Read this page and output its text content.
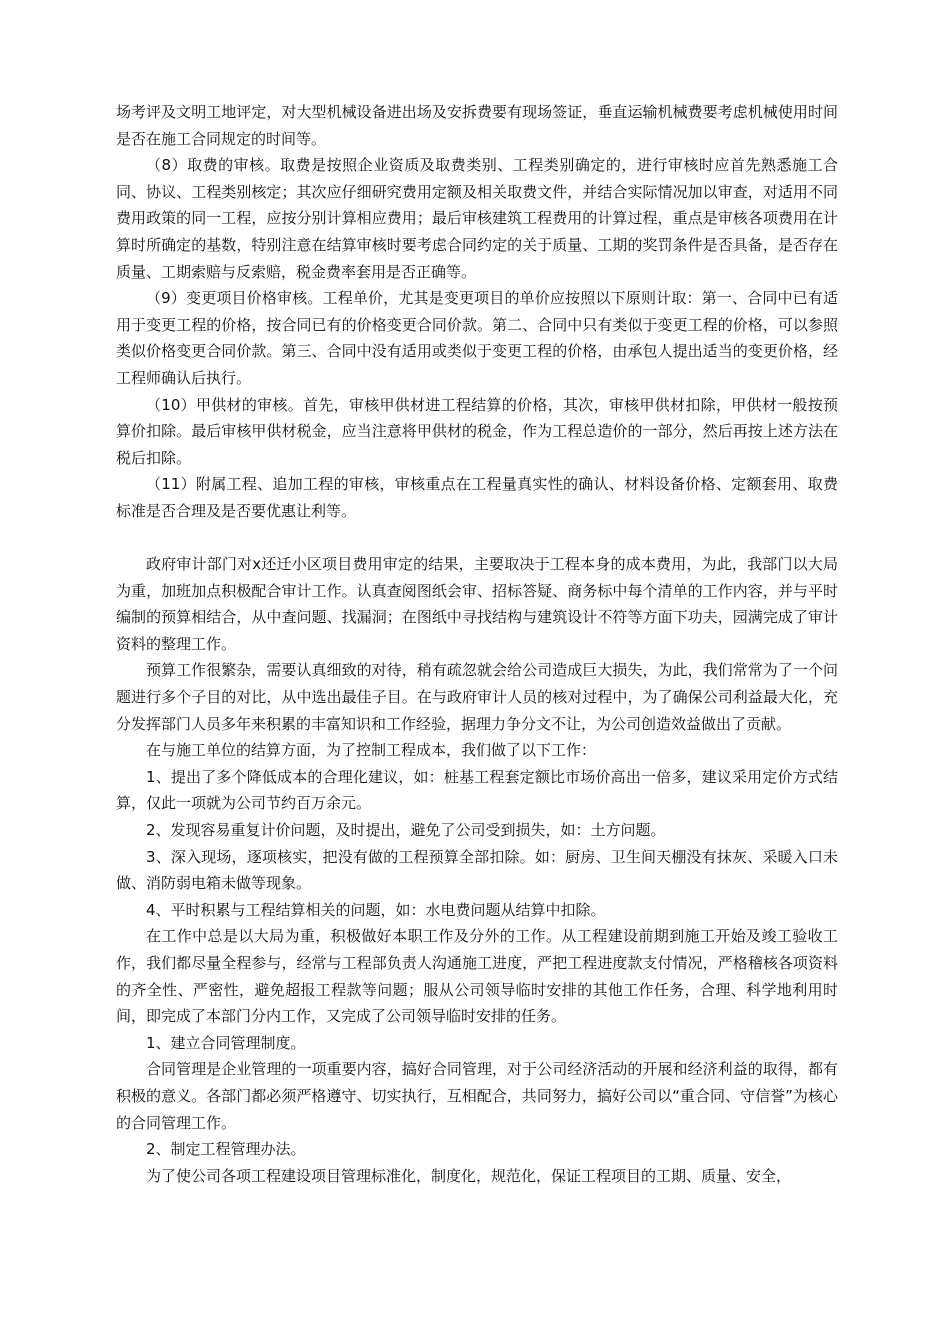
场考评及文明工地评定，对大型机械设备进出场及安拆费要有现场签证，垂直运输机械费要考虑机械使用时间是否在施工合同规定的时间等。

（8）取费的审核。取费是按照企业资质及取费类别、工程类别确定的，进行审核时应首先熟悉施工合同、协议、工程类别核定；其次应仔细研究费用定额及相关取费文件，并结合实际情况加以审查，对适用不同费用政策的同一工程，应按分别计算相应费用；最后审核建筑工程费用的计算过程，重点是审核各项费用在计算时所确定的基数，特别注意在结算审核时要考虑合同约定的关于质量、工期的奖罚条件是否具备，是否存在质量、工期索赔与反索赔，税金费率套用是否正确等。

（9）变更项目价格审核。工程单价，尤其是变更项目的单价应按照以下原则计取：第一、合同中已有适用于变更工程的价格，按合同已有的价格变更合同价款。第二、合同中只有类似于变更工程的价格，可以参照类似价格变更合同价款。第三、合同中没有适用或类似于变更工程的价格，由承包人提出适当的变更价格，经工程师确认后执行。

（10）甲供材的审核。首先，审核甲供材进工程结算的价格，其次，审核甲供材扣除，甲供材一般按预算价扣除。最后审核甲供材税金，应当注意将甲供材的税金，作为工程总造价的一部分，然后再按上述方法在税后扣除。

（11）附属工程、追加工程的审核，审核重点在工程量真实性的确认、材料设备价格、定额套用、取费标准是否合理及是否要优惠让利等。

政府审计部门对x还迁小区项目费用审定的结果，主要取决于工程本身的成本费用，为此，我部门以大局为重，加班加点积极配合审计工作。认真查阅图纸会审、招标答疑、商务标中每个清单的工作内容，并与平时编制的预算相结合，从中查问题、找漏洞；在图纸中寻找结构与建筑设计不符等方面下功夫，园满完成了审计资料的整理工作。

预算工作很繁杂，需要认真细致的对待，稍有疏忽就会给公司造成巨大损失，为此，我们常常为了一个问题进行多个子目的对比，从中选出最佳子目。在与政府审计人员的核对过程中，为了确保公司利益最大化，充分发挥部门人员多年来积累的丰富知识和工作经验，据理力争分文不让，为公司创造效益做出了贡献。

在与施工单位的结算方面，为了控制工程成本，我们做了以下工作：

1、提出了多个降低成本的合理化建议，如：桩基工程套定额比市场价高出一倍多，建议采用定价方式结算，仅此一项就为公司节约百万余元。

2、发现容易重复计价问题，及时提出，避免了公司受到损失，如：土方问题。

3、深入现场，逐项核实，把没有做的工程预算全部扣除。如：厨房、卫生间天棚没有抹灰、采暖入口未做、消防弱电箱未做等现象。

4、平时积累与工程结算相关的问题，如：水电费问题从结算中扣除。

在工作中总是以大局为重，积极做好本职工作及分外的工作。从工程建设前期到施工开始及竣工验收工作，我们都尽量全程参与，经常与工程部负责人沟通施工进度，严把工程进度款支付情况，严格稽核各项资料的齐全性、严密性，避免超报工程款等问题；服从公司领导临时安排的其他工作任务，合理、科学地利用时间，即完成了本部门分内工作，又完成了公司领导临时安排的任务。

1、建立合同管理制度。

合同管理是企业管理的一项重要内容，搞好合同管理，对于公司经济活动的开展和经济利益的取得，都有积极的意义。各部门都必须严格遵守、切实执行，互相配合，共同努力，搞好公司以“重合同、守信誉”为核心的合同管理工作。

2、制定工程管理办法。

为了使公司各项工程建设项目管理标准化，制度化，规范化，保证工程项目的工期、质量、安全，
